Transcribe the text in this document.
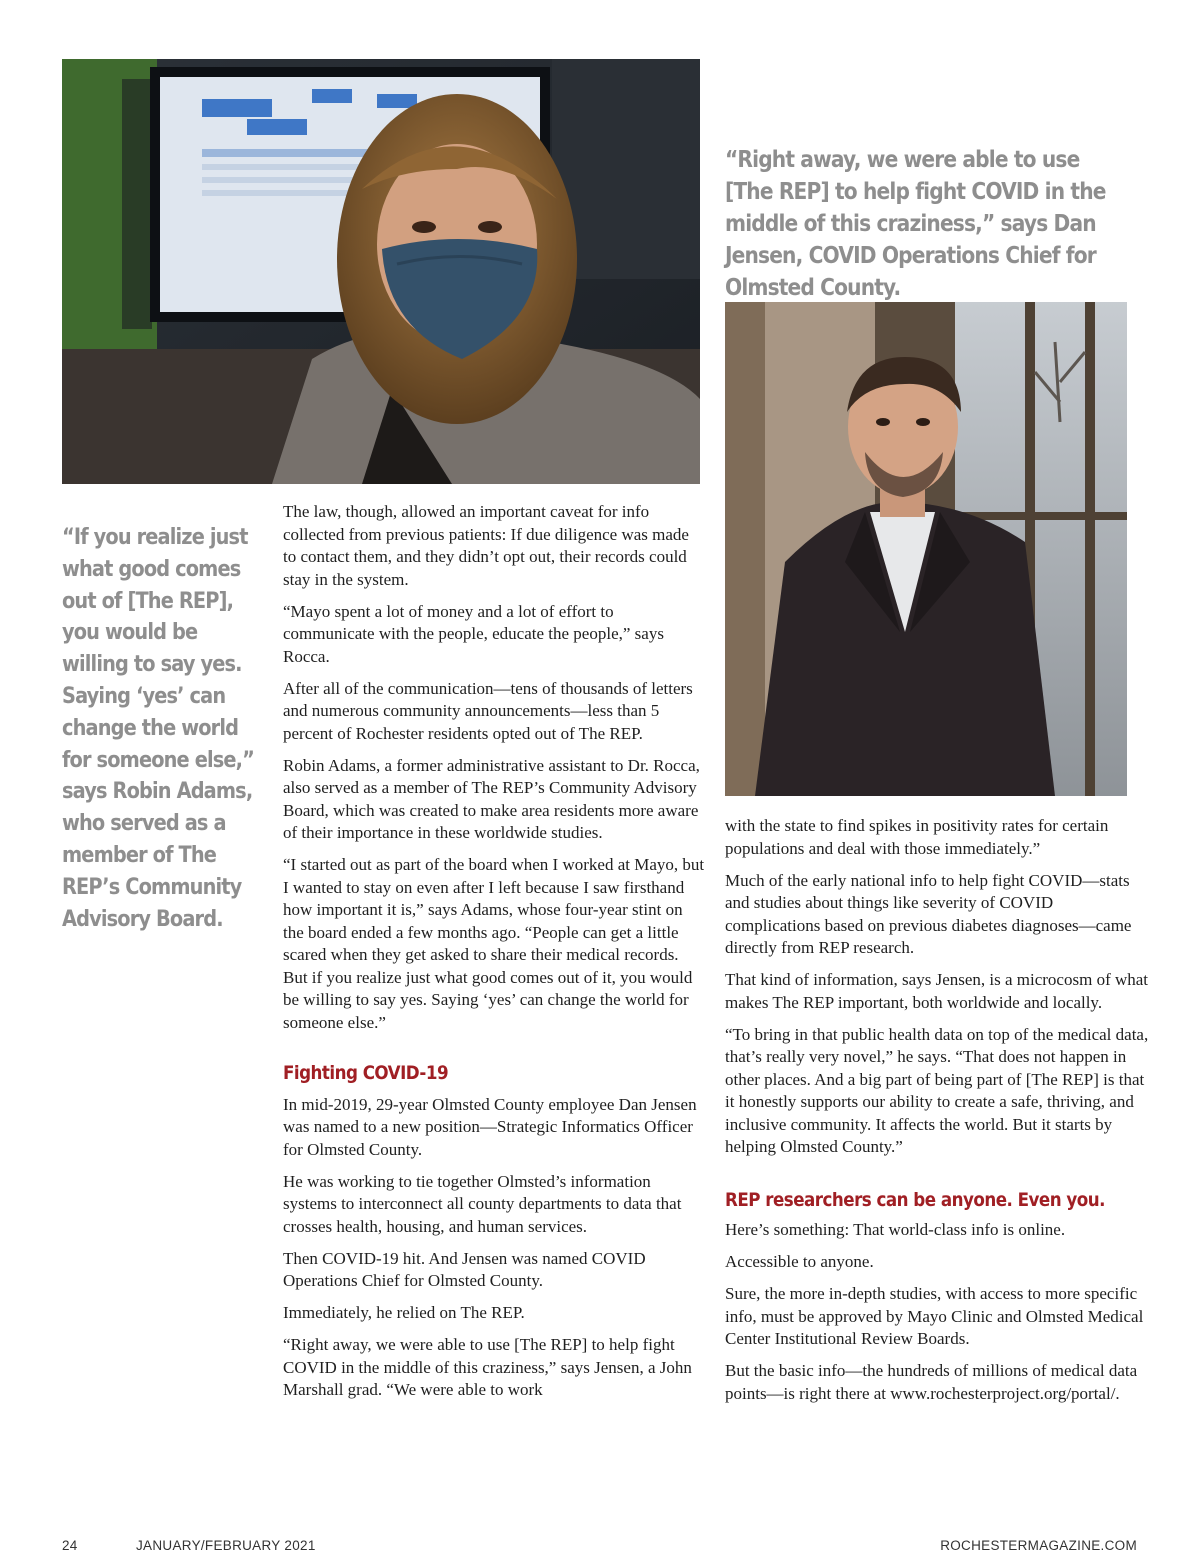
“Right away, we were able to use [The REP] to help fight COVID in the middle of this craziness,” says Dan Jensen, COVID Operations Chief for Olmsted County.
“If you realize just what good comes out of [The REP], you would be willing to say yes. Saying ‘yes’ can change the world for someone else,” says Robin Adams, who served as a member of The REP’s Community Advisory Board.

The law, though, allowed an important caveat for info collected from previous patients: If due diligence was made to contact them, and they didn’t opt out, their records could stay in the system.

“Mayo spent a lot of money and a lot of effort to communicate with the people, educate the people,” says Rocca.

After all of the communication—tens of thousands of letters and numerous community announcements—less than 5 percent of Rochester residents opted out of The REP.

Robin Adams, a former administrative assistant to Dr. Rocca, also served as a member of The REP’s Community Advisory Board, which was created to make area residents more aware of their importance in these worldwide studies.

“I started out as part of the board when I worked at Mayo, but I wanted to stay on even after I left because I saw firsthand how important it is,” says Adams, whose four-year stint on the board ended a few months ago. “People can get a little scared when they get asked to share their medical records. But if you realize just what good comes out of it, you would be willing to say yes. Saying ‘yes’ can change the world for someone else.”

Fighting COVID-19

In mid-2019, 29-year Olmsted County employee Dan Jensen was named to a new position—Strategic Informatics Officer for Olmsted County.

He was working to tie together Olmsted’s information systems to interconnect all county departments to data that crosses health, housing, and human services.

Then COVID-19 hit. And Jensen was named COVID Operations Chief for Olmsted County.

Immediately, he relied on The REP.

“Right away, we were able to use [The REP] to help fight COVID in the middle of this craziness,” says Jensen, a John Marshall grad. “We were able to work

with the state to find spikes in positivity rates for certain populations and deal with those immediately.”

Much of the early national info to help fight COVID—stats and studies about things like severity of COVID complications based on previous diabetes diagnoses—came directly from REP research.

That kind of information, says Jensen, is a microcosm of what makes The REP important, both worldwide and locally.

“To bring in that public health data on top of the medical data, that’s really very novel,” he says. “That does not happen in other places. And a big part of being part of [The REP] is that it honestly supports our ability to create a safe, thriving, and inclusive community. It affects the world. But it starts by helping Olmsted County.”

REP researchers can be anyone. Even you.

Here’s something: That world-class info is online.

Accessible to anyone.

Sure, the more in-depth studies, with access to more specific info, must be approved by Mayo Clinic and Olmsted Medical Center Institutional Review Boards.

But the basic info—the hundreds of millions of medical data points—is right there at www.rochesterproject.org/portal/.

24	JANUARY/FEBRUARY 2021	ROCHESTERMAGAZINE.COM
